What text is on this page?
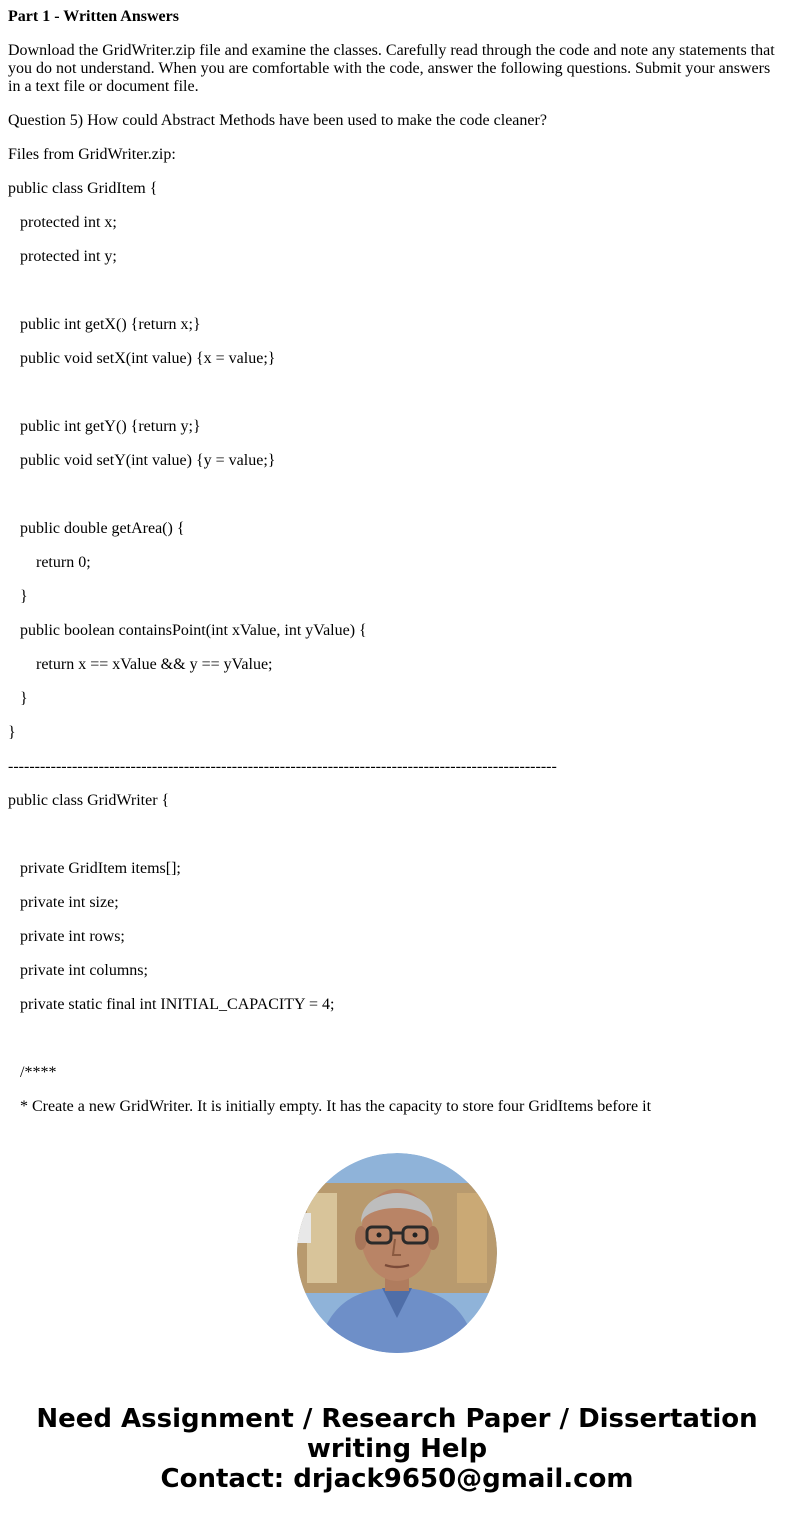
Part 1 - Written Answers

Download the GridWriter.zip file and examine the classes. Carefully read through the code and note any statements that you do not understand. When you are comfortable with the code, answer the following questions. Submit your answers in a text file or document file.

Question 5) How could Abstract Methods have been used to make the code cleaner?

Files from GridWriter.zip:

public class GridItem {

protected int x;

protected int y;

public int getX() {return x;}

public void setX(int value) {x = value;}

public int getY() {return y;}

public void setY(int value) {y = value;}

public double getArea() {

return 0;

}

public boolean containsPoint(int xValue, int yValue) {

return x == xValue && y == yValue;

}

}

-------------------------------------------------------------------------------------------------------

public class GridWriter {

private GridItem items[];

private int size;

private int rows;

private int columns;

private static final int INITIAL_CAPACITY = 4;

/****

* Create a new GridWriter. It is initially empty. It has the capacity to store four GridItems before it

Need Assignment / Research Paper / Dissertation
writing Help
Contact: drjack9650@gmail.com
